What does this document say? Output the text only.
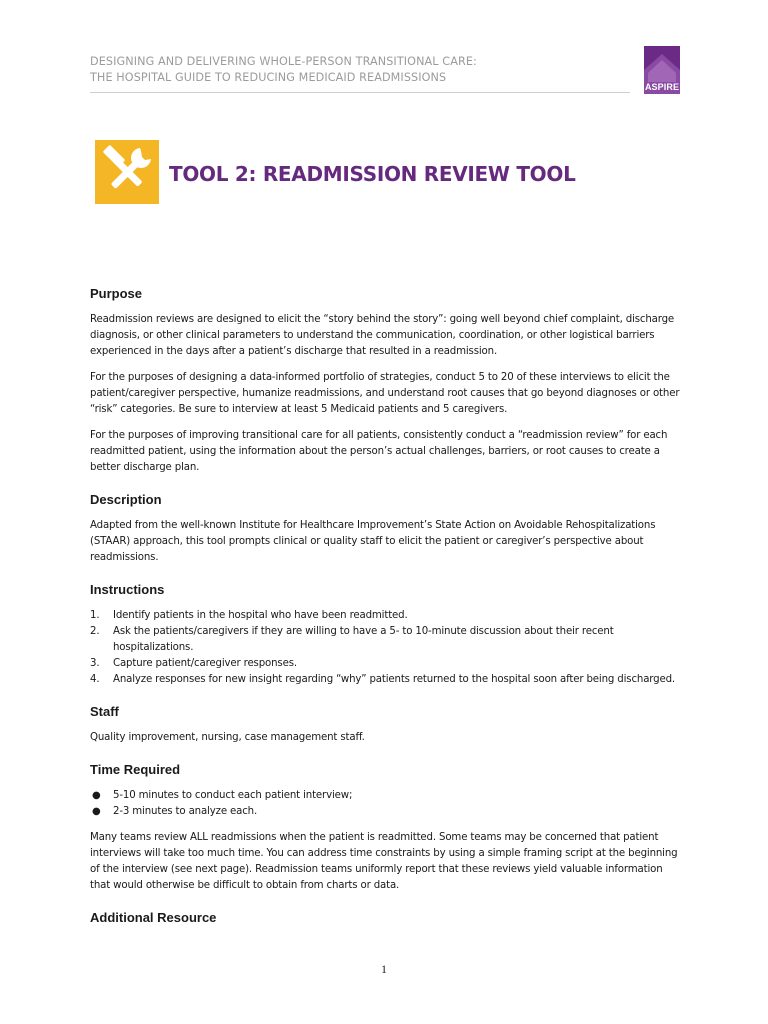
DESIGNING AND DELIVERING WHOLE-PERSON TRANSITIONAL CARE:
THE HOSPITAL GUIDE TO REDUCING MEDICAID READMISSIONS
ASPIRE
TOOL 2: READMISSION REVIEW TOOL
Purpose

Readmission reviews are designed to elicit the “story behind the story”: going well beyond chief complaint, discharge diagnosis, or other clinical parameters to understand the communication, coordination, or other logistical barriers experienced in the days after a patient’s discharge that resulted in a readmission.

For the purposes of designing a data-informed portfolio of strategies, conduct 5 to 20 of these interviews to elicit the patient/caregiver perspective, humanize readmissions, and understand root causes that go beyond diagnoses or other “risk” categories. Be sure to interview at least 5 Medicaid patients and 5 caregivers.

For the purposes of improving transitional care for all patients, consistently conduct a “readmission review” for each readmitted patient, using the information about the person’s actual challenges, barriers, or root causes to create a better discharge plan.

Description

Adapted from the well-known Institute for Healthcare Improvement’s State Action on Avoidable Rehospitalizations (STAAR) approach, this tool prompts clinical or quality staff to elicit the patient or caregiver’s perspective about readmissions.

Instructions
1. Identify patients in the hospital who have been readmitted.
2. Ask the patients/caregivers if they are willing to have a 5- to 10-minute discussion about their recent hospitalizations.
3. Capture patient/caregiver responses.
4. Analyze responses for new insight regarding “why” patients returned to the hospital soon after being discharged.
Staff

Quality improvement, nursing, case management staff.

Time Required
● 5-10 minutes to conduct each patient interview;
● 2-3 minutes to analyze each.

Many teams review ALL readmissions when the patient is readmitted. Some teams may be concerned that patient interviews will take too much time. You can address time constraints by using a simple framing script at the beginning of the interview (see next page). Readmission teams uniformly report that these reviews yield valuable information that would otherwise be difficult to obtain from charts or data.

Additional Resource
1
